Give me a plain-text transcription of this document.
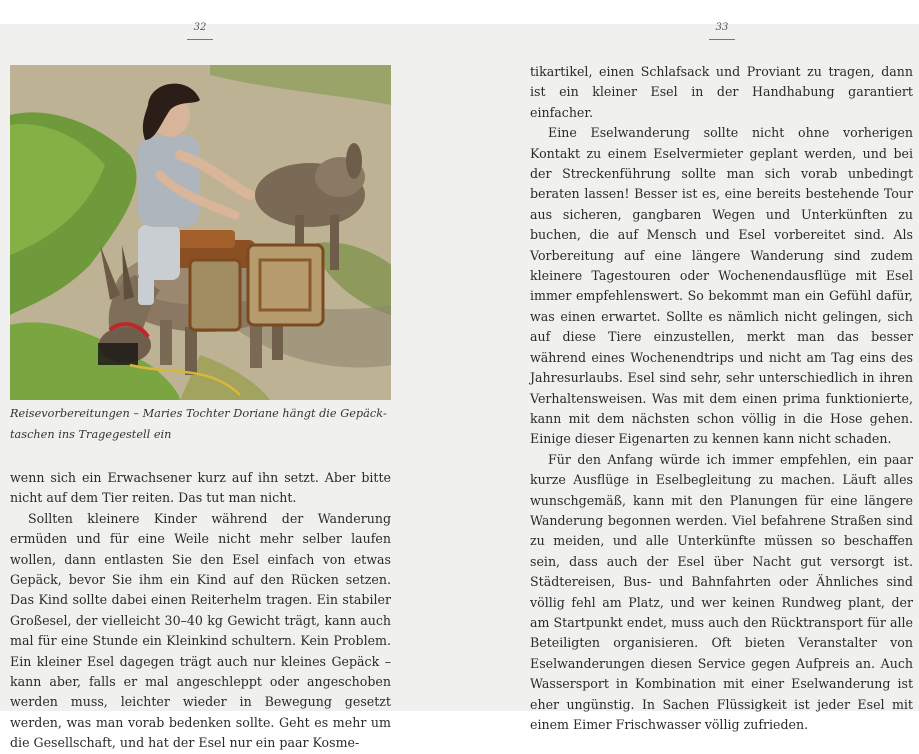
32	33
Reisevorbereitungen – Maries Tochter Doriane hängt die Gepäcktaschen ins Tragegestell ein

wenn sich ein Erwachsener kurz auf ihn setzt. Aber bitte nicht auf dem Tier reiten. Das tut man nicht.

Sollten kleinere Kinder während der Wanderung ermüden und für eine Weile nicht mehr selber laufen wollen, dann entlasten Sie den Esel einfach von etwas Gepäck, bevor Sie ihm ein Kind auf den Rücken setzen. Das Kind sollte dabei einen Reiterhelm tragen. Ein stabiler Großesel, der vielleicht 30–40 kg Gewicht trägt, kann auch mal für eine Stunde ein Kleinkind schultern. Kein Problem. Ein kleiner Esel dagegen trägt auch nur kleines Gepäck – kann aber, falls er mal angeschleppt oder angeschoben werden muss, leichter wieder in Bewegung gesetzt werden, was man vorab bedenken sollte. Geht es mehr um die Gesellschaft, und hat der Esel nur ein paar Kosme-

tikartikel, einen Schlafsack und Proviant zu tragen, dann ist ein kleiner Esel in der Handhabung garantiert einfacher.

Eine Eselwanderung sollte nicht ohne vorherigen Kontakt zu einem Eselvermieter geplant werden, und bei der Streckenführung sollte man sich vorab unbedingt beraten lassen! Besser ist es, eine bereits bestehende Tour aus sicheren, gangbaren Wegen und Unterkünften zu buchen, die auf Mensch und Esel vorbereitet sind. Als Vorbereitung auf eine längere Wanderung sind zudem kleinere Tagestouren oder Wochenendausflüge mit Esel immer empfehlenswert. So bekommt man ein Gefühl dafür, was einen erwartet. Sollte es nämlich nicht gelingen, sich auf diese Tiere einzustellen, merkt man das besser während eines Wochenendtrips und nicht am Tag eins des Jahresurlaubs. Esel sind sehr, sehr unterschiedlich in ihren Verhaltensweisen. Was mit dem einen prima funktionierte, kann mit dem nächsten schon völlig in die Hose gehen. Einige dieser Eigenarten zu kennen kann nicht schaden.

Für den Anfang würde ich immer empfehlen, ein paar kurze Ausflüge in Eselbegleitung zu machen. Läuft alles wunschgemäß, kann mit den Planungen für eine längere Wanderung begonnen werden. Viel befahrene Straßen sind zu meiden, und alle Unterkünfte müssen so beschaffen sein, dass auch der Esel über Nacht gut versorgt ist. Städtereisen, Bus- und Bahnfahrten oder Ähnliches sind völlig fehl am Platz, und wer keinen Rundweg plant, der am Startpunkt endet, muss auch den Rücktransport für alle Beteiligten organisieren. Oft bieten Veranstalter von Eselwanderungen diesen Service gegen Aufpreis an. Auch Wassersport in Kombination mit einer Eselwanderung ist eher ungünstig. In Sachen Flüssigkeit ist jeder Esel mit einem Eimer Frischwasser völlig zufrieden.
